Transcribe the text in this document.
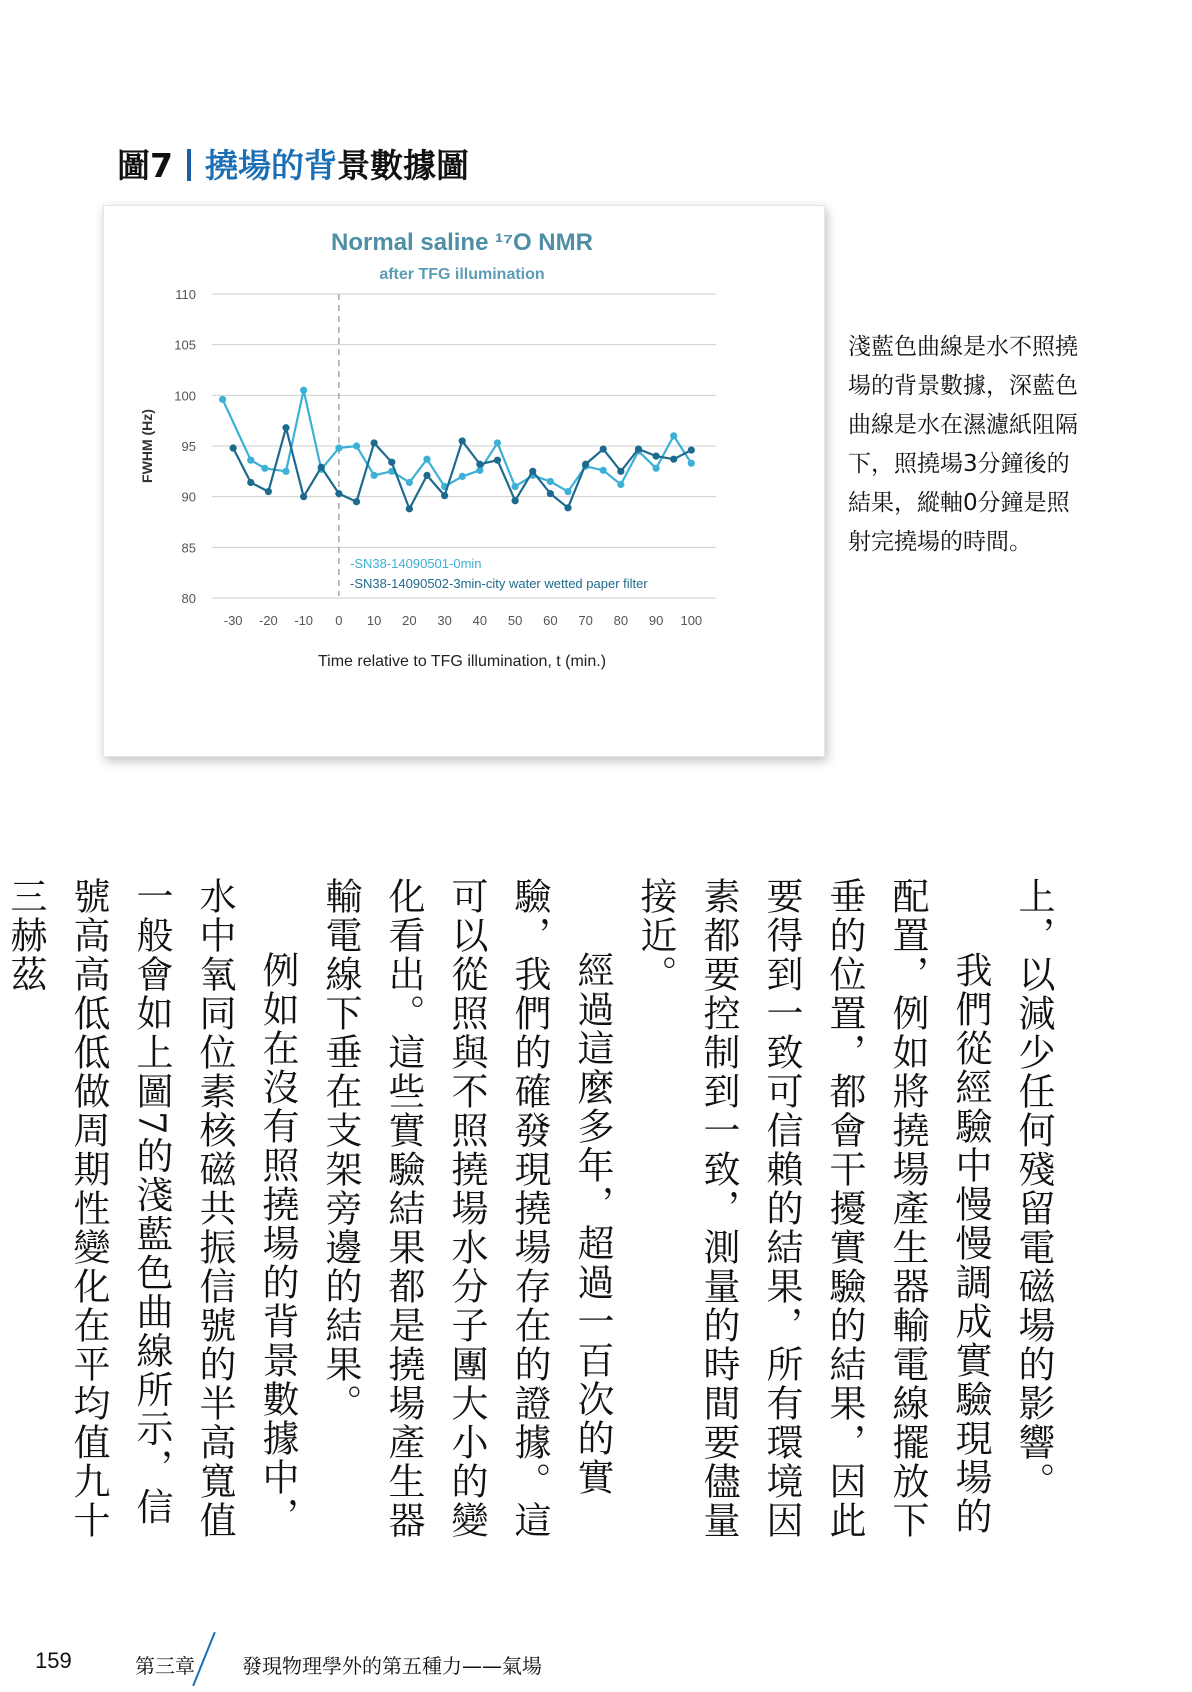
圖7 撓場的背景數據圖
Normal saline ¹⁷O NMR
after TFG illumination
80
85
90
95
100
105
110
-30 -20 -10 0 10 20 30 40 50 60 70 80 90 100
Time relative to TFG illumination, t (min.)
FWHM (Hz)
-SN38-14090501-0min
-SN38-14090502-3min-city water wetted paper filter
淺藍色曲線是水不照撓場的背景數據，深藍色曲線是水在濕濾紙阻隔下，照撓場3分鐘後的結果，縱軸0分鐘是照射完撓場的時間。

上，以減少任何殘留電磁場的影響。

我們從經驗中慢慢調成實驗現場的配置，例如將撓場產生器輸電線擺放下垂的位置，都會干擾實驗的結果，因此要得到一致可信賴的結果，所有環境因素都要控制到一致，測量的時間要儘量接近。

經過這麼多年，超過一百次的實驗，我們的確發現撓場存在的證據。這可以從照與不照撓場水分子團大小的變化看出。這些實驗結果都是撓場產生器輸電線下垂在支架旁邊的結果。

例如在沒有照撓場的背景數據中，水中氧同位素核磁共振信號的半高寬值一般會如上圖7的淺藍色曲線所示，信號高高低低做周期性變化在平均值九十三赫茲

159	第三章 發現物理學外的第五種力——氣場
